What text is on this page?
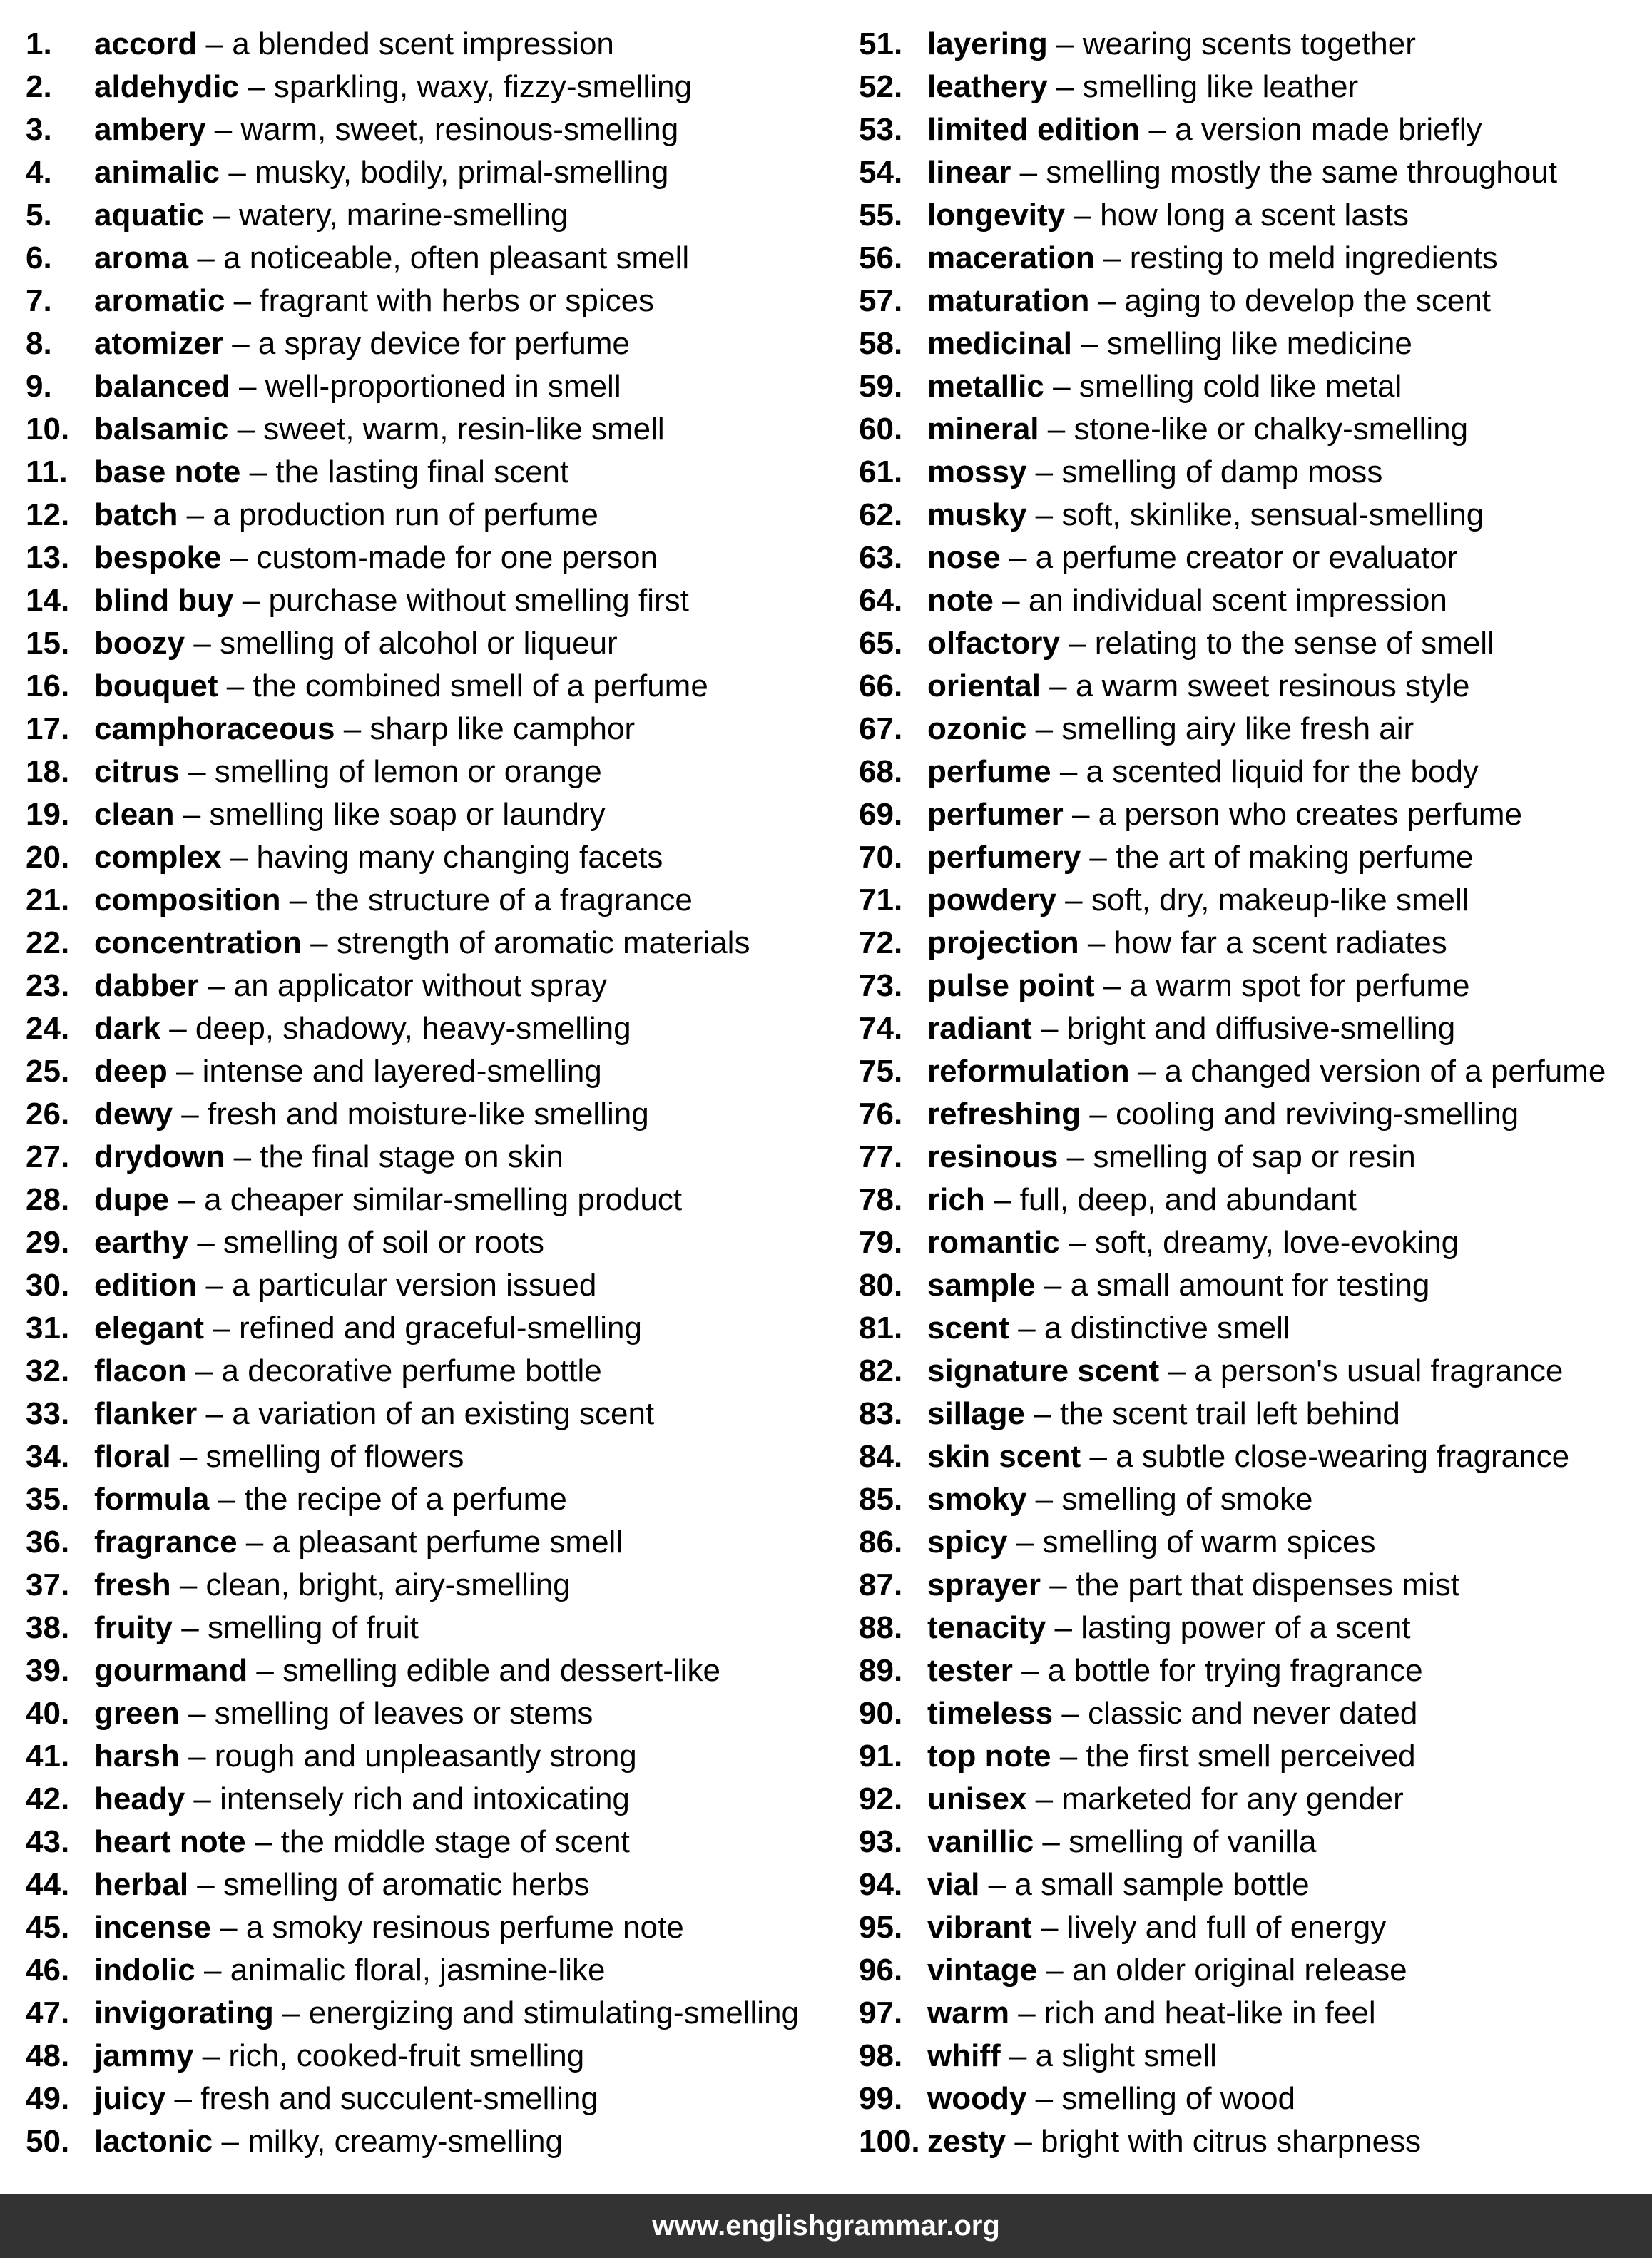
1. accord – a blended scent impression
2. aldehydic – sparkling, waxy, fizzy-smelling
3. ambery – warm, sweet, resinous-smelling
4. animalic – musky, bodily, primal-smelling
5. aquatic – watery, marine-smelling
6. aroma – a noticeable, often pleasant smell
7. aromatic – fragrant with herbs or spices
8. atomizer – a spray device for perfume
9. balanced – well-proportioned in smell
10. balsamic – sweet, warm, resin-like smell
11. base note – the lasting final scent
12. batch – a production run of perfume
13. bespoke – custom-made for one person
14. blind buy – purchase without smelling first
15. boozy – smelling of alcohol or liqueur
16. bouquet – the combined smell of a perfume
17. camphoraceous – sharp like camphor
18. citrus – smelling of lemon or orange
19. clean – smelling like soap or laundry
20. complex – having many changing facets
21. composition – the structure of a fragrance
22. concentration – strength of aromatic materials
23. dabber – an applicator without spray
24. dark – deep, shadowy, heavy-smelling
25. deep – intense and layered-smelling
26. dewy – fresh and moisture-like smelling
27. drydown – the final stage on skin
28. dupe – a cheaper similar-smelling product
29. earthy – smelling of soil or roots
30. edition – a particular version issued
31. elegant – refined and graceful-smelling
32. flacon – a decorative perfume bottle
33. flanker – a variation of an existing scent
34. floral – smelling of flowers
35. formula – the recipe of a perfume
36. fragrance – a pleasant perfume smell
37. fresh – clean, bright, airy-smelling
38. fruity – smelling of fruit
39. gourmand – smelling edible and dessert-like
40. green – smelling of leaves or stems
41. harsh – rough and unpleasantly strong
42. heady – intensely rich and intoxicating
43. heart note – the middle stage of scent
44. herbal – smelling of aromatic herbs
45. incense – a smoky resinous perfume note
46. indolic – animalic floral, jasmine-like
47. invigorating – energizing and stimulating-smelling
48. jammy – rich, cooked-fruit smelling
49. juicy – fresh and succulent-smelling
50. lactonic – milky, creamy-smelling
51. layering – wearing scents together
52. leathery – smelling like leather
53. limited edition – a version made briefly
54. linear – smelling mostly the same throughout
55. longevity – how long a scent lasts
56. maceration – resting to meld ingredients
57. maturation – aging to develop the scent
58. medicinal – smelling like medicine
59. metallic – smelling cold like metal
60. mineral – stone-like or chalky-smelling
61. mossy – smelling of damp moss
62. musky – soft, skinlike, sensual-smelling
63. nose – a perfume creator or evaluator
64. note – an individual scent impression
65. olfactory – relating to the sense of smell
66. oriental – a warm sweet resinous style
67. ozonic – smelling airy like fresh air
68. perfume – a scented liquid for the body
69. perfumer – a person who creates perfume
70. perfumery – the art of making perfume
71. powdery – soft, dry, makeup-like smell
72. projection – how far a scent radiates
73. pulse point – a warm spot for perfume
74. radiant – bright and diffusive-smelling
75. reformulation – a changed version of a perfume
76. refreshing – cooling and reviving-smelling
77. resinous – smelling of sap or resin
78. rich – full, deep, and abundant
79. romantic – soft, dreamy, love-evoking
80. sample – a small amount for testing
81. scent – a distinctive smell
82. signature scent – a person's usual fragrance
83. sillage – the scent trail left behind
84. skin scent – a subtle close-wearing fragrance
85. smoky – smelling of smoke
86. spicy – smelling of warm spices
87. sprayer – the part that dispenses mist
88. tenacity – lasting power of a scent
89. tester – a bottle for trying fragrance
90. timeless – classic and never dated
91. top note – the first smell perceived
92. unisex – marketed for any gender
93. vanillic – smelling of vanilla
94. vial – a small sample bottle
95. vibrant – lively and full of energy
96. vintage – an older original release
97. warm – rich and heat-like in feel
98. whiff – a slight smell
99. woody – smelling of wood
100. zesty – bright with citrus sharpness
www.englishgrammar.org
